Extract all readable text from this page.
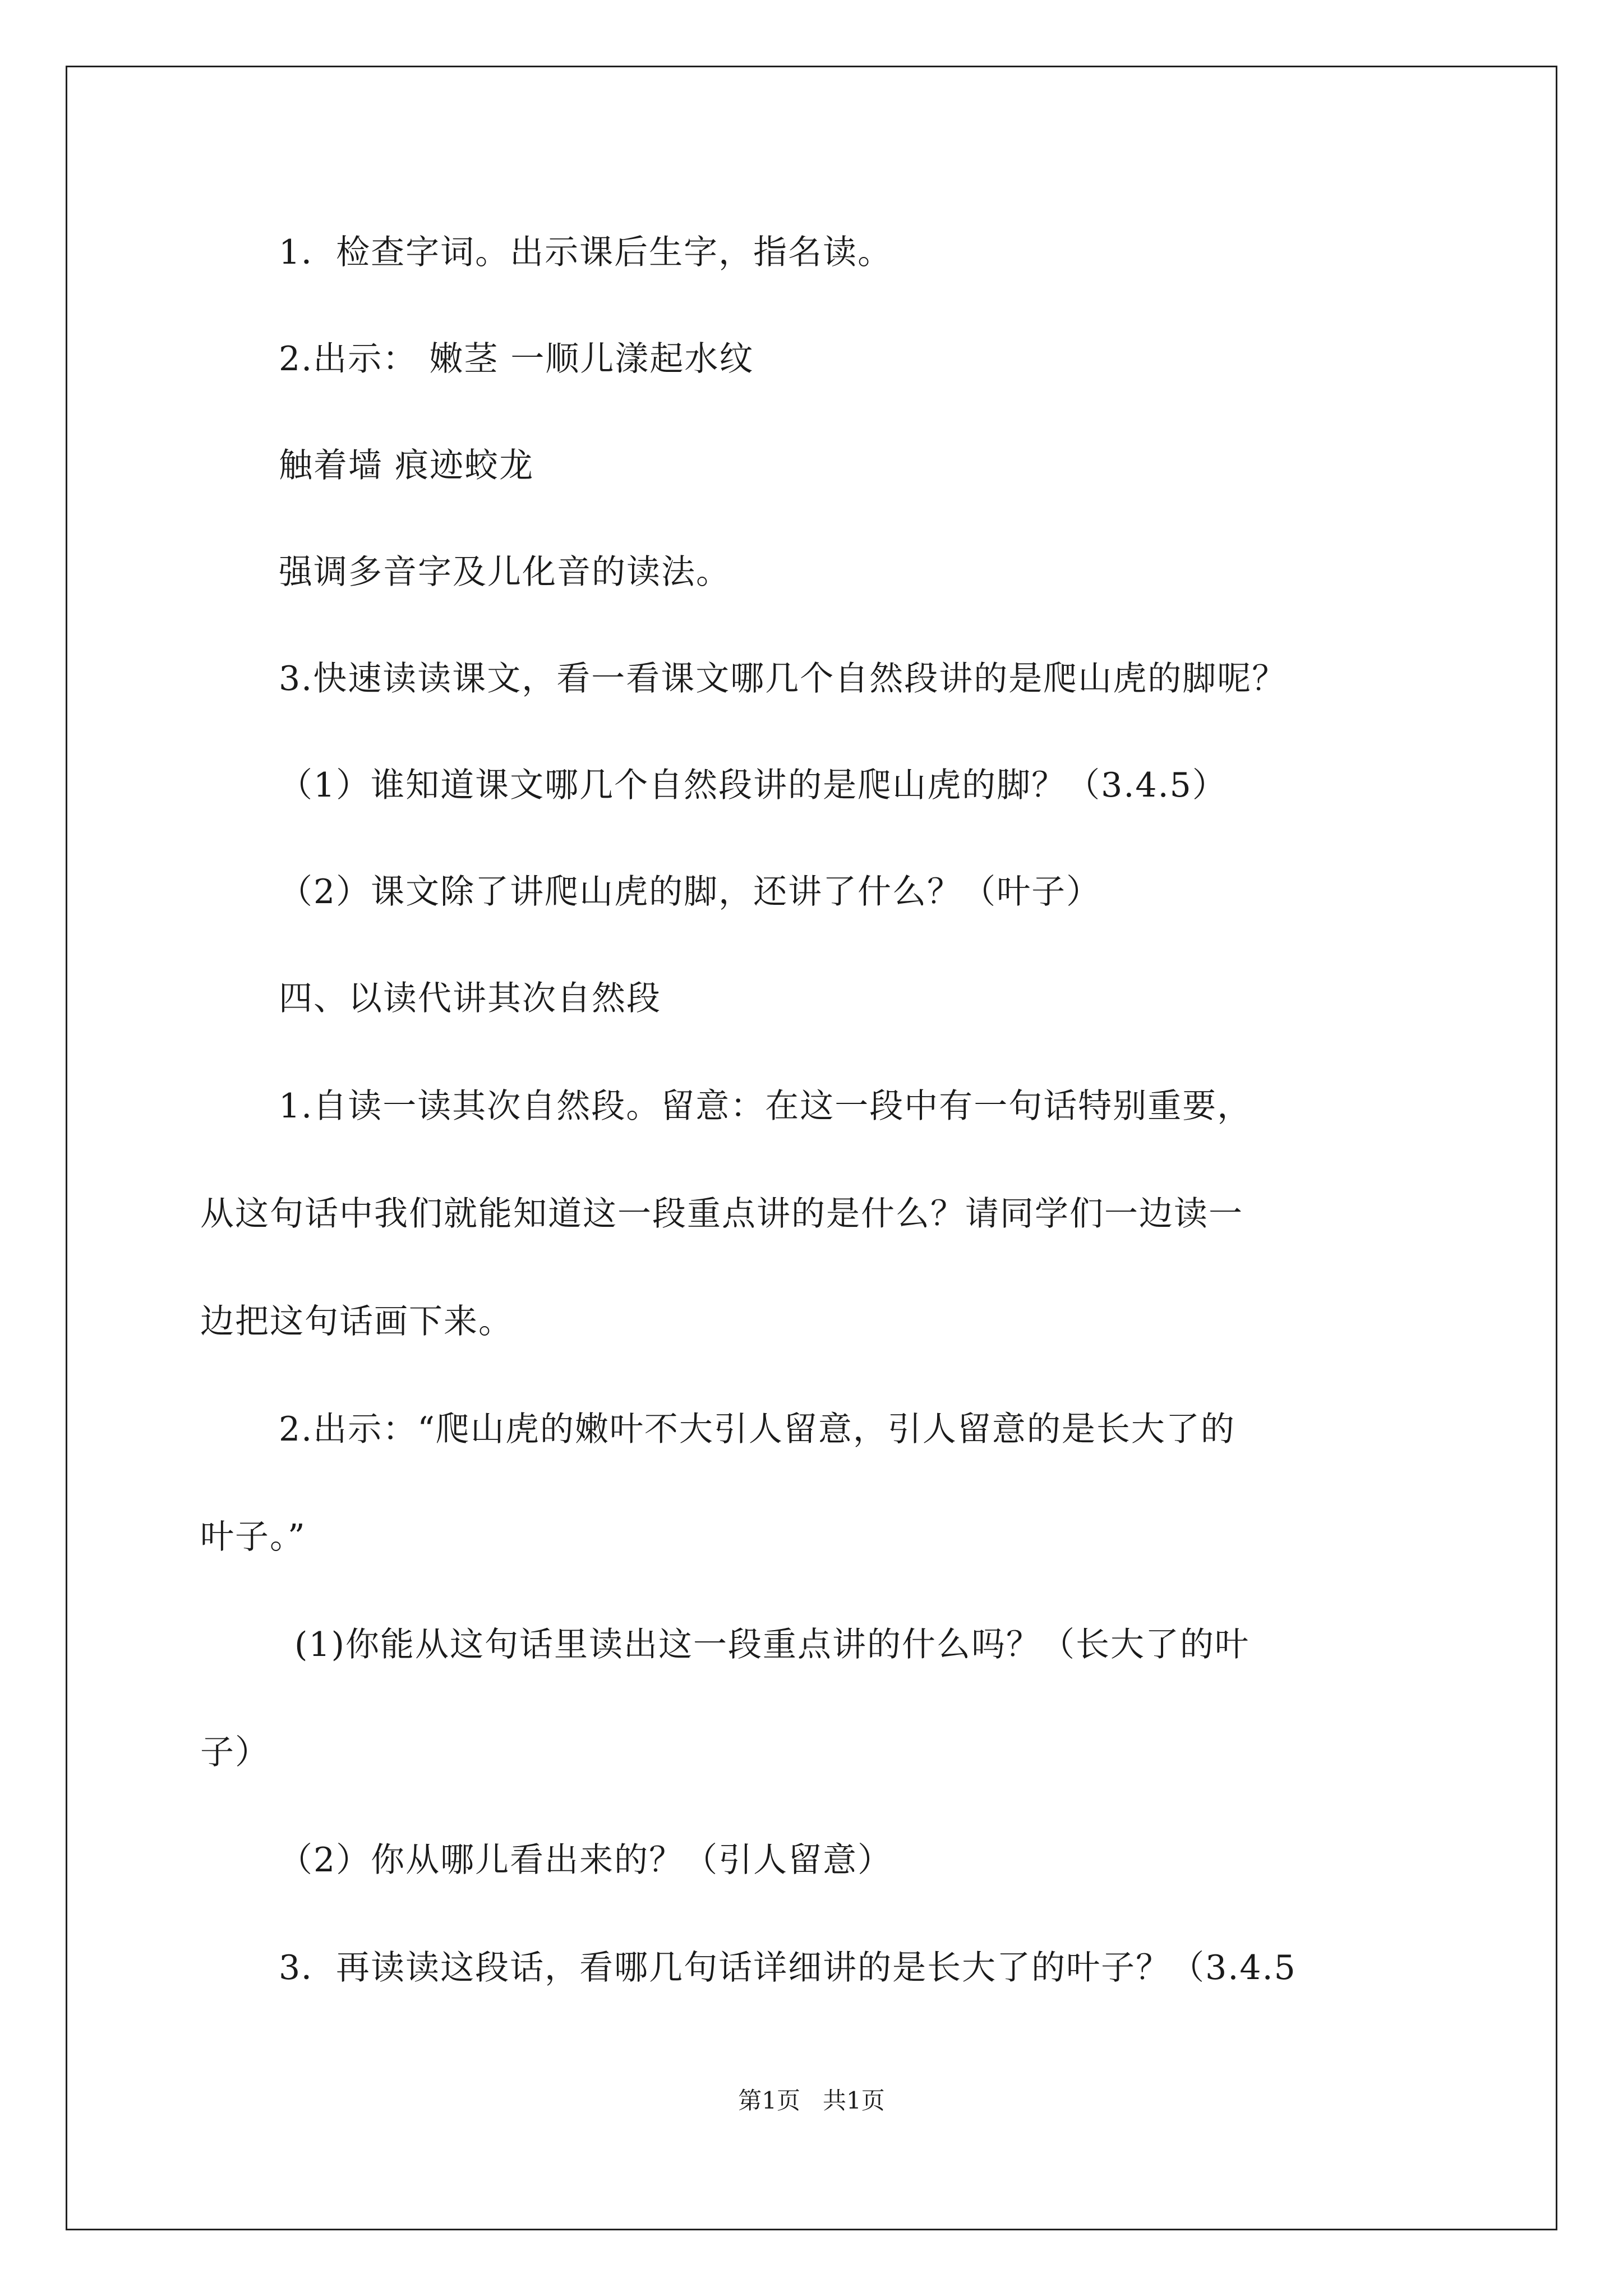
1．检查字词。出示课后生字，指名读。
2.出示： 嫩茎 一顺儿漾起水纹
触着墙 痕迹蛟龙
强调多音字及儿化音的读法。
3.快速读读课文，看一看课文哪几个自然段讲的是爬山虎的脚呢？
（1）谁知道课文哪几个自然段讲的是爬山虎的脚？（3.4.5）
（2）课文除了讲爬山虎的脚，还讲了什么？（叶子）
四、以读代讲其次自然段
1.自读一读其次自然段。留意：在这一段中有一句话特别重要，
从这句话中我们就能知道这一段重点讲的是什么？请同学们一边读一
边把这句话画下来。
2.出示：“爬山虎的嫩叶不大引人留意，引人留意的是长大了的
叶子。”
(1)你能从这句话里读出这一段重点讲的什么吗？（长大了的叶
子）
（2）你从哪儿看出来的？（引人留意）
3．再读读这段话，看哪几句话详细讲的是长大了的叶子？（3.4.5
第1页   共1页
